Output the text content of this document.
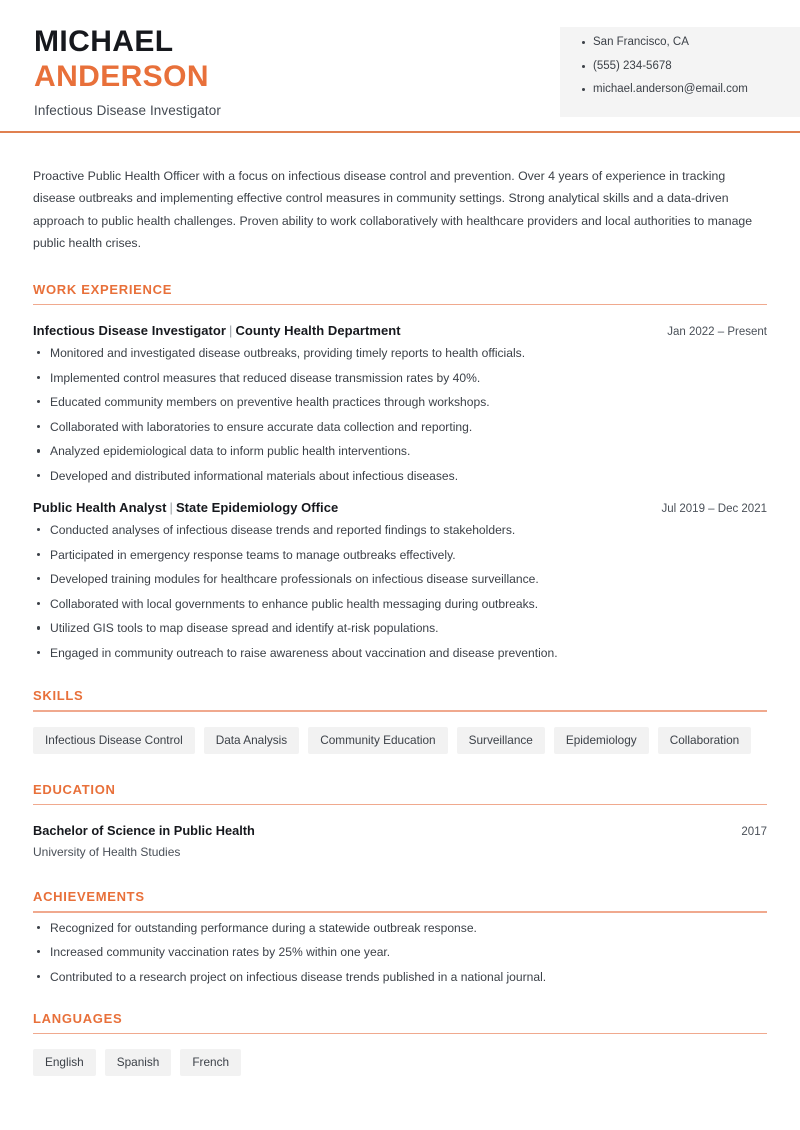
MICHAEL
ANDERSON
Infectious Disease Investigator
San Francisco, CA
(555) 234-5678
michael.anderson@email.com

Proactive Public Health Officer with a focus on infectious disease control and prevention. Over 4 years of experience in tracking disease outbreaks and implementing effective control measures in community settings. Strong analytical skills and a data-driven approach to public health challenges. Proven ability to work collaboratively with healthcare providers and local authorities to manage public health crises.

WORK EXPERIENCE
Infectious Disease Investigator | County Health Department	Jan 2022 – Present
Monitored and investigated disease outbreaks, providing timely reports to health officials.
Implemented control measures that reduced disease transmission rates by 40%.
Educated community members on preventive health practices through workshops.
Collaborated with laboratories to ensure accurate data collection and reporting.
Analyzed epidemiological data to inform public health interventions.
Developed and distributed informational materials about infectious diseases.
Public Health Analyst | State Epidemiology Office	Jul 2019 – Dec 2021
Conducted analyses of infectious disease trends and reported findings to stakeholders.
Participated in emergency response teams to manage outbreaks effectively.
Developed training modules for healthcare professionals on infectious disease surveillance.
Collaborated with local governments to enhance public health messaging during outbreaks.
Utilized GIS tools to map disease spread and identify at-risk populations.
Engaged in community outreach to raise awareness about vaccination and disease prevention.
SKILLS
Infectious Disease Control	Data Analysis	Community Education	Surveillance	Epidemiology	Collaboration
EDUCATION
Bachelor of Science in Public Health	2017
University of Health Studies
ACHIEVEMENTS
Recognized for outstanding performance during a statewide outbreak response.
Increased community vaccination rates by 25% within one year.
Contributed to a research project on infectious disease trends published in a national journal.
LANGUAGES
English	Spanish	French
